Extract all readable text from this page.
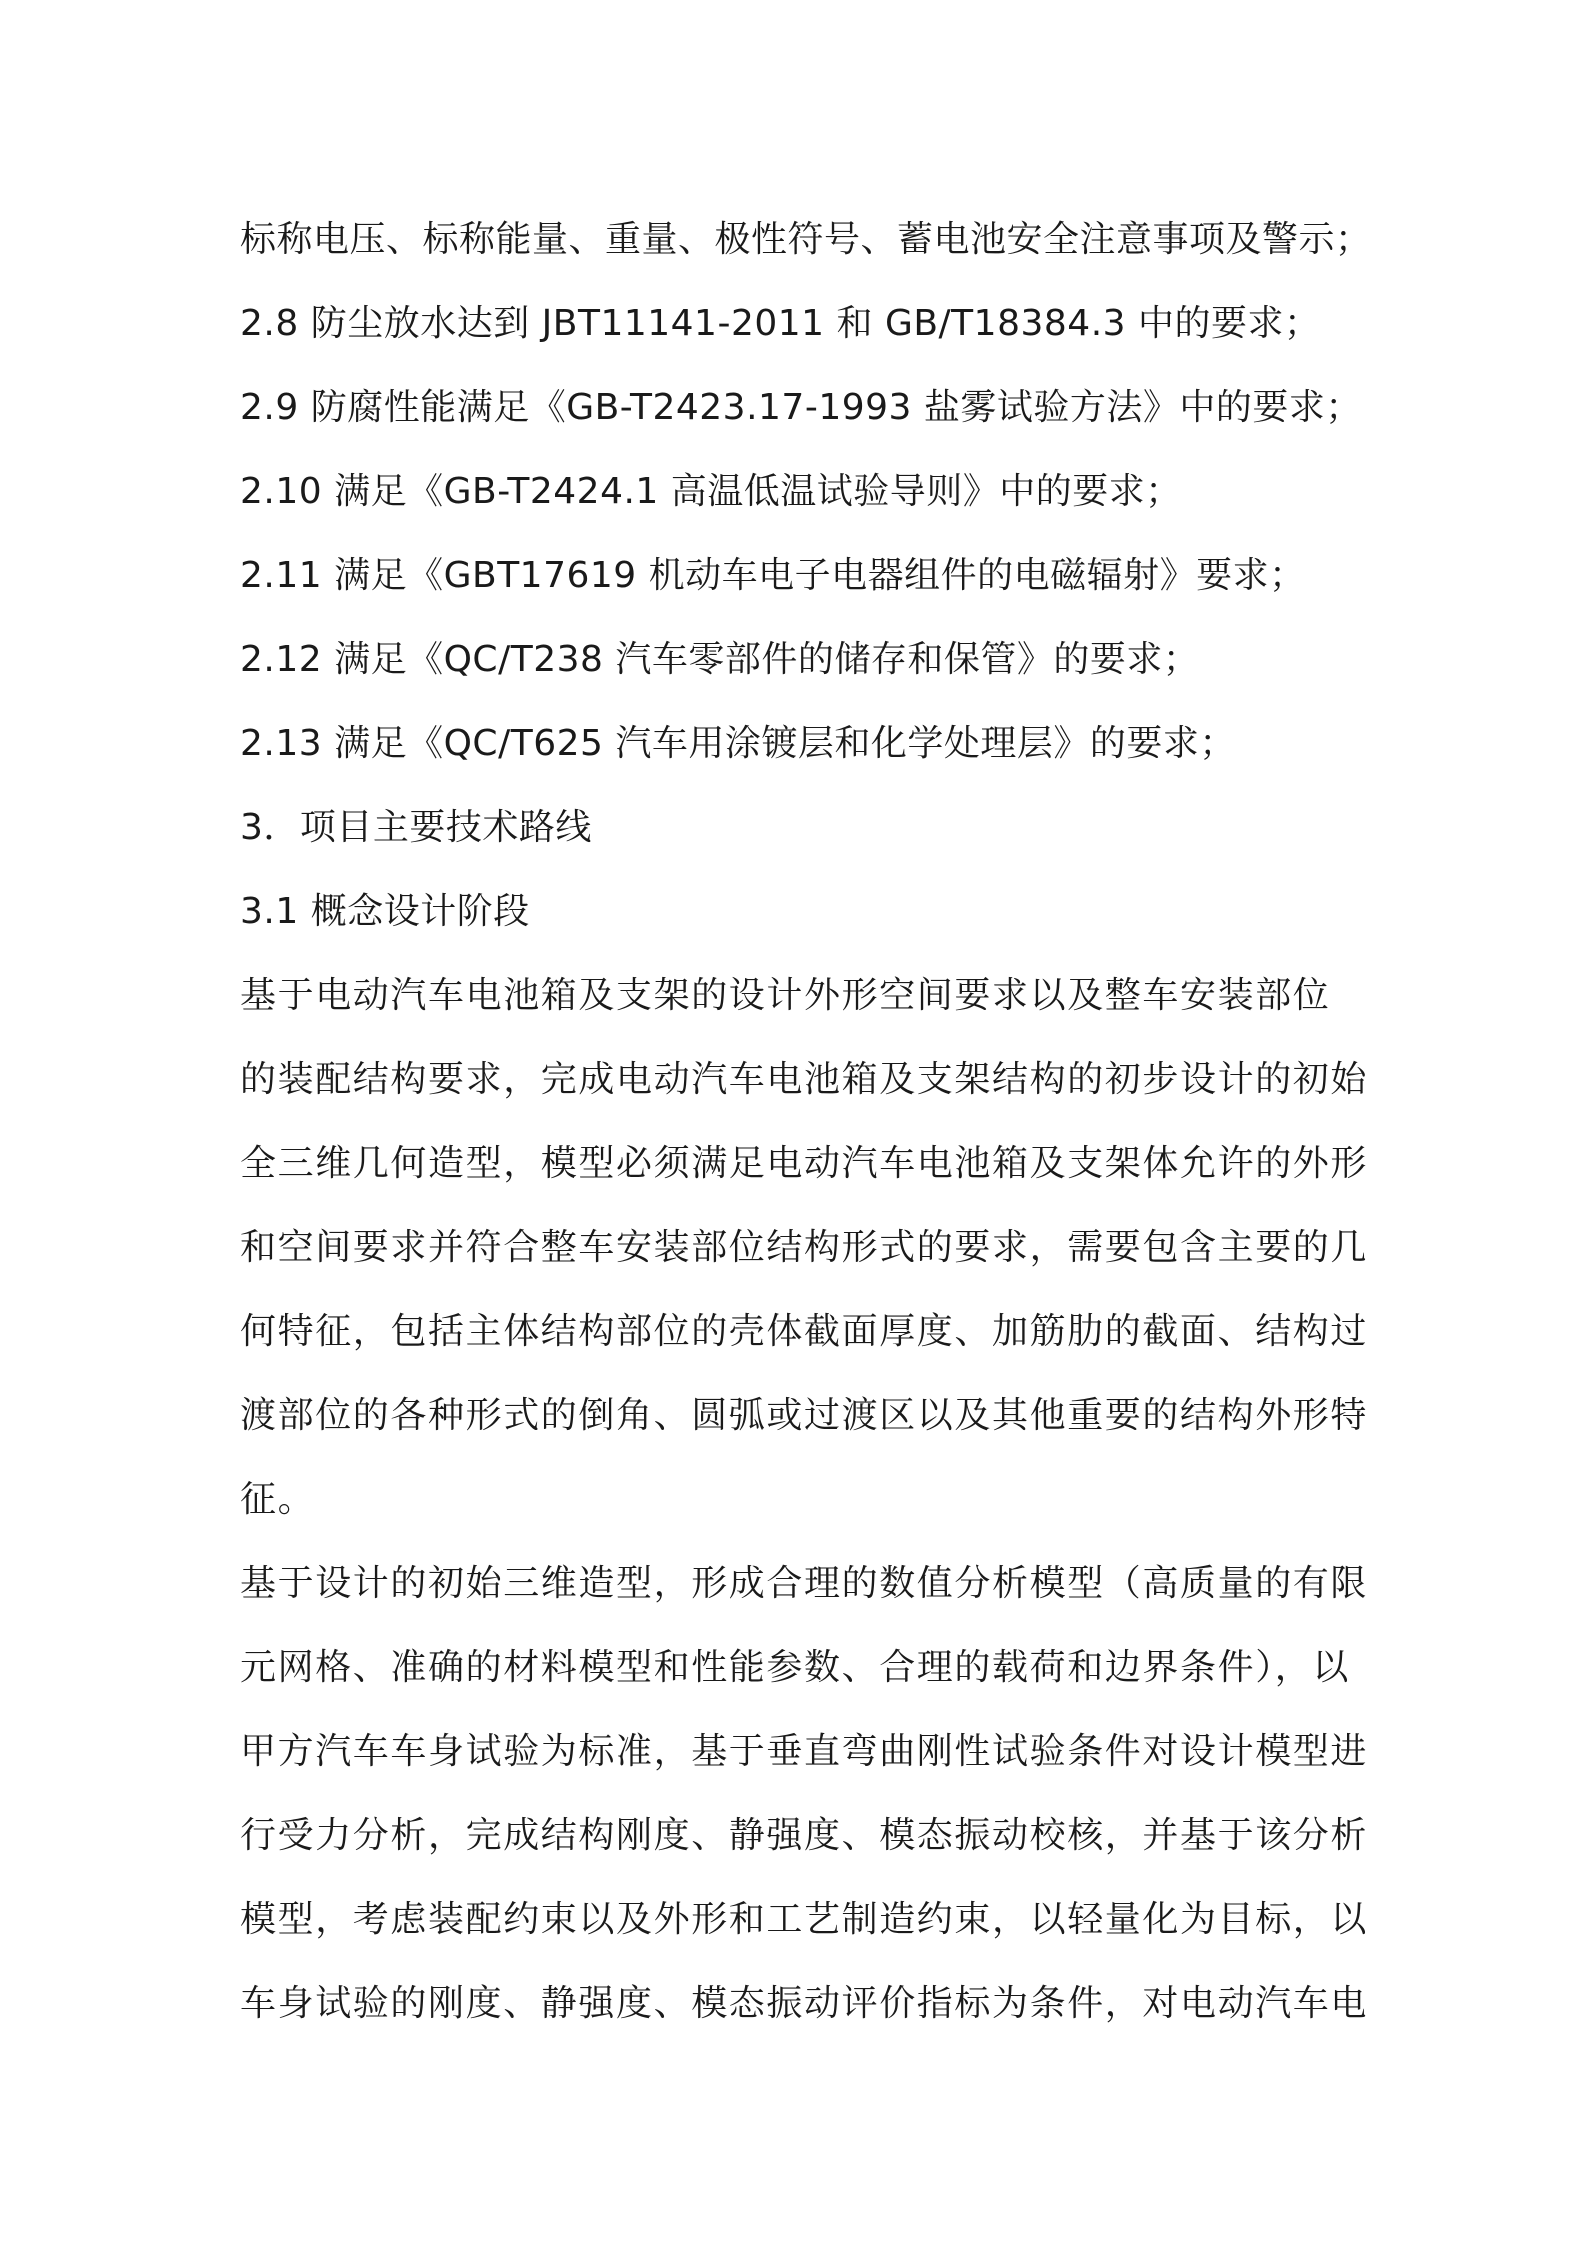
标称电压、标称能量、重量、极性符号、蓄电池安全注意事项及警示；
2.8 防尘放水达到 JBT11141-2011 和 GB/T18384.3 中的要求；
2.9 防腐性能满足《GB-T2423.17-1993 盐雾试验方法》中的要求；
2.10 满足《GB-T2424.1 高温低温试验导则》中的要求；
2.11 满足《GBT17619 机动车电子电器组件的电磁辐射》要求；
2.12 满足《QC/T238 汽车零部件的储存和保管》的要求；
2.13 满足《QC/T625 汽车用涂镀层和化学处理层》的要求；
3．项目主要技术路线
3.1 概念设计阶段
基于电动汽车电池箱及支架的设计外形空间要求以及整车安装部位
的装配结构要求，完成电动汽车电池箱及支架结构的初步设计的初始
全三维几何造型，模型必须满足电动汽车电池箱及支架体允许的外形
和空间要求并符合整车安装部位结构形式的要求，需要包含主要的几
何特征，包括主体结构部位的壳体截面厚度、加筋肋的截面、结构过
渡部位的各种形式的倒角、圆弧或过渡区以及其他重要的结构外形特
征。
基于设计的初始三维造型，形成合理的数值分析模型（高质量的有限
元网格、准确的材料模型和性能参数、合理的载荷和边界条件），以
甲方汽车车身试验为标准，基于垂直弯曲刚性试验条件对设计模型进
行受力分析，完成结构刚度、静强度、模态振动校核，并基于该分析
模型，考虑装配约束以及外形和工艺制造约束，以轻量化为目标，以
车身试验的刚度、静强度、模态振动评价指标为条件，对电动汽车电
